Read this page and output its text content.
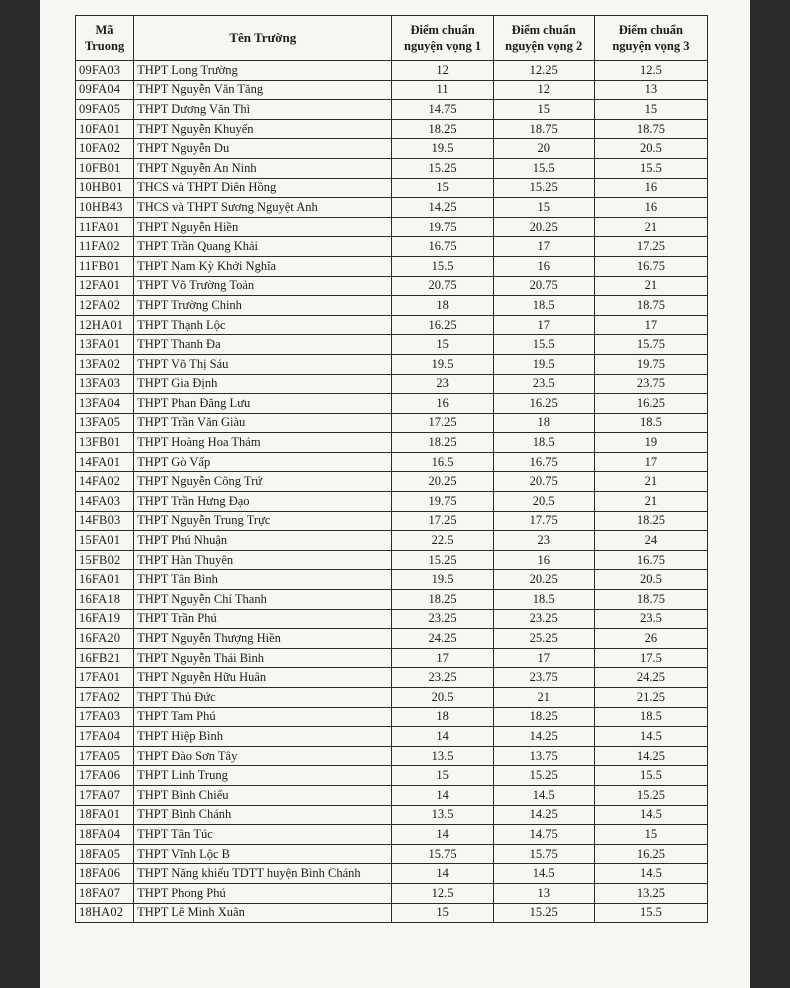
Mã Truong	Tên Trường	Điểm chuẩn nguyện vọng 1	Điểm chuẩn nguyện vọng 2	Điểm chuẩn nguyện vọng 3
09FA03	THPT Long Trường	12	12.25	12.5
09FA04	THPT Nguyễn Văn Tăng	11	12	13
09FA05	THPT Dương Văn Thì	14.75	15	15
10FA01	THPT Nguyễn Khuyến	18.25	18.75	18.75
10FA02	THPT Nguyễn Du	19.5	20	20.5
10FB01	THPT Nguyễn An Ninh	15.25	15.5	15.5
10HB01	THCS và THPT Diên Hồng	15	15.25	16
10HB43	THCS và THPT Sương Nguyệt Anh	14.25	15	16
11FA01	THPT Nguyễn Hiền	19.75	20.25	21
11FA02	THPT Trần Quang Khải	16.75	17	17.25
11FB01	THPT Nam Kỳ Khởi Nghĩa	15.5	16	16.75
12FA01	THPT Võ Trường Toản	20.75	20.75	21
12FA02	THPT Trường Chinh	18	18.5	18.75
12HA01	THPT Thạnh Lộc	16.25	17	17
13FA01	THPT Thanh Đa	15	15.5	15.75
13FA02	THPT Võ Thị Sáu	19.5	19.5	19.75
13FA03	THPT Gia Định	23	23.5	23.75
13FA04	THPT Phan Đăng Lưu	16	16.25	16.25
13FA05	THPT Trần Văn Giàu	17.25	18	18.5
13FB01	THPT Hoàng Hoa Thám	18.25	18.5	19
14FA01	THPT Gò Vấp	16.5	16.75	17
14FA02	THPT Nguyễn Công Trứ	20.25	20.75	21
14FA03	THPT Trần Hưng Đạo	19.75	20.5	21
14FB03	THPT Nguyễn Trung Trực	17.25	17.75	18.25
15FA01	THPT Phú Nhuận	22.5	23	24
15FB02	THPT Hàn Thuyên	15.25	16	16.75
16FA01	THPT Tân Bình	19.5	20.25	20.5
16FA18	THPT Nguyễn Chí Thanh	18.25	18.5	18.75
16FA19	THPT Trần Phú	23.25	23.25	23.5
16FA20	THPT Nguyễn Thượng Hiền	24.25	25.25	26
16FB21	THPT Nguyễn Thái Bình	17	17	17.5
17FA01	THPT Nguyễn Hữu Huân	23.25	23.75	24.25
17FA02	THPT Thủ Đức	20.5	21	21.25
17FA03	THPT Tam Phú	18	18.25	18.5
17FA04	THPT Hiệp Bình	14	14.25	14.5
17FA05	THPT Đào Sơn Tây	13.5	13.75	14.25
17FA06	THPT Linh Trung	15	15.25	15.5
17FA07	THPT Bình Chiểu	14	14.5	15.25
18FA01	THPT Bình Chánh	13.5	14.25	14.5
18FA04	THPT Tân Túc	14	14.75	15
18FA05	THPT Vĩnh Lộc B	15.75	15.75	16.25
18FA06	THPT Năng khiếu TDTT huyện Bình Chánh	14	14.5	14.5
18FA07	THPT Phong Phú	12.5	13	13.25
18HA02	THPT Lê Minh Xuân	15	15.25	15.5
